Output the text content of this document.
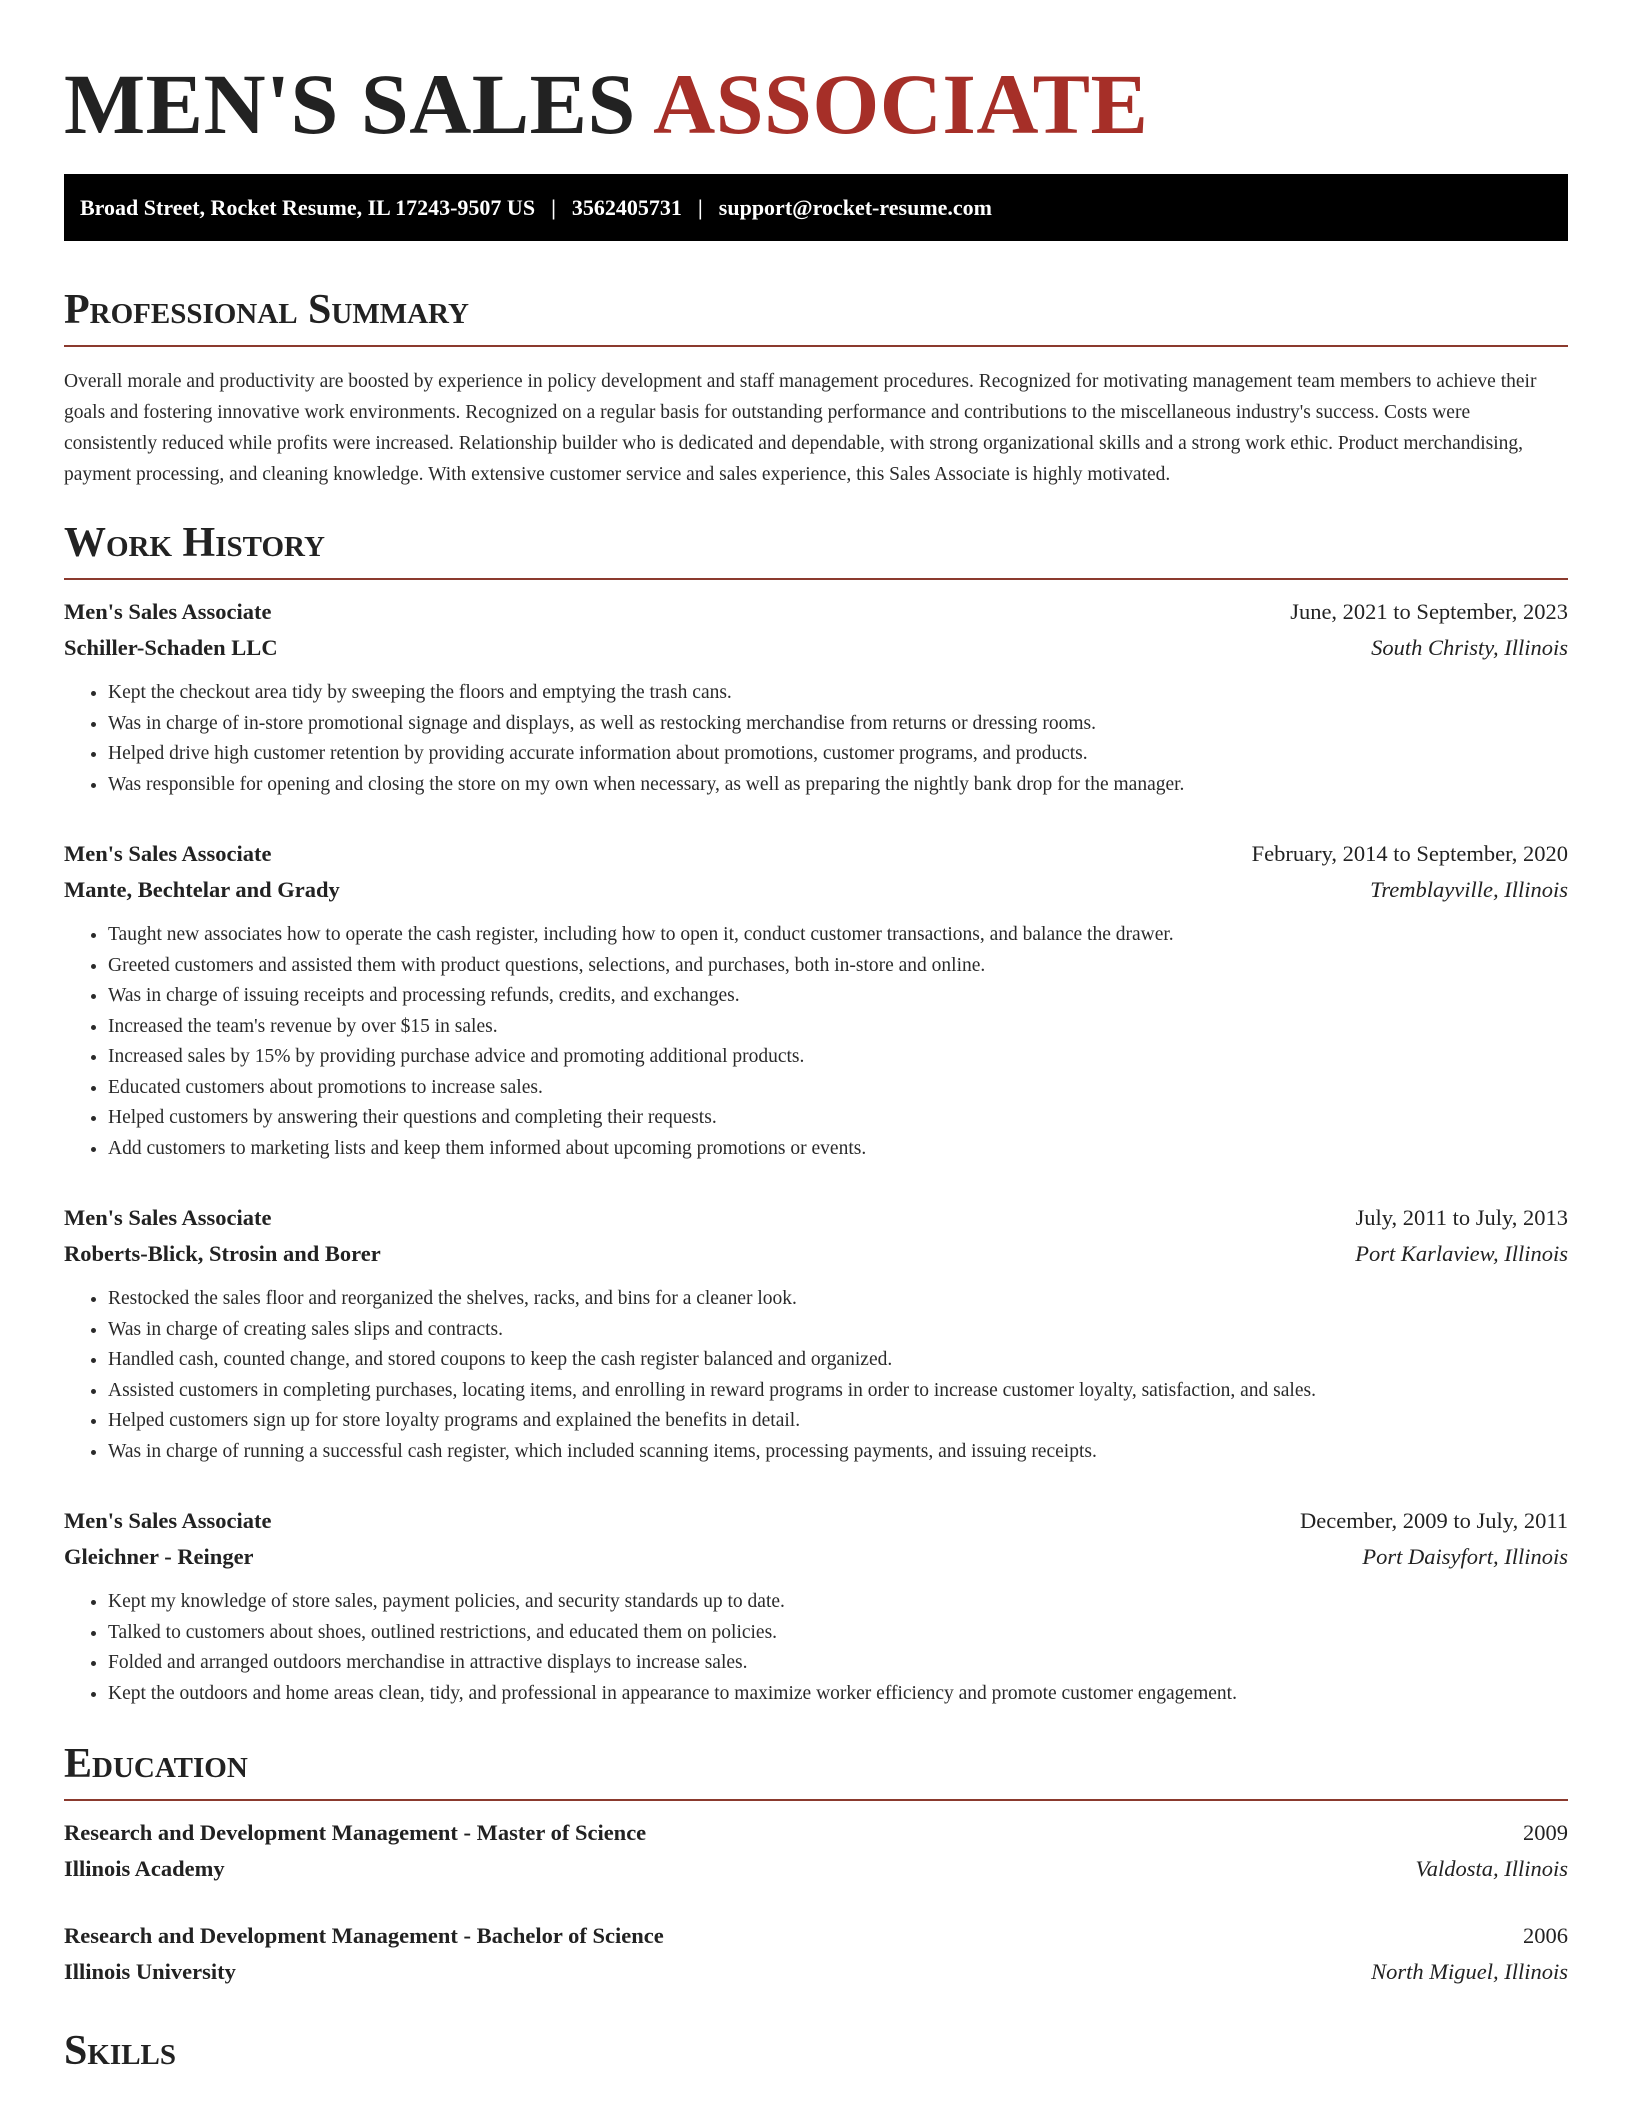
MEN'S SALES ASSOCIATE
Broad Street, Rocket Resume, IL 17243-9507 US | 3562405731 | support@rocket-resume.com
Professional Summary

Overall morale and productivity are boosted by experience in policy development and staff management procedures. Recognized for motivating management team members to achieve their goals and fostering innovative work environments. Recognized on a regular basis for outstanding performance and contributions to the miscellaneous industry's success. Costs were consistently reduced while profits were increased. Relationship builder who is dedicated and dependable, with strong organizational skills and a strong work ethic. Product merchandising, payment processing, and cleaning knowledge. With extensive customer service and sales experience, this Sales Associate is highly motivated.

Work History
Men's Sales Associate	June, 2021 to September, 2023
Schiller-Schaden LLC	South Christy, Illinois
• Kept the checkout area tidy by sweeping the floors and emptying the trash cans.
• Was in charge of in-store promotional signage and displays, as well as restocking merchandise from returns or dressing rooms.
• Helped drive high customer retention by providing accurate information about promotions, customer programs, and products.
• Was responsible for opening and closing the store on my own when necessary, as well as preparing the nightly bank drop for the manager.
Men's Sales Associate	February, 2014 to September, 2020
Mante, Bechtelar and Grady	Tremblayville, Illinois
• Taught new associates how to operate the cash register, including how to open it, conduct customer transactions, and balance the drawer.
• Greeted customers and assisted them with product questions, selections, and purchases, both in-store and online.
• Was in charge of issuing receipts and processing refunds, credits, and exchanges.
• Increased the team's revenue by over $15 in sales.
• Increased sales by 15% by providing purchase advice and promoting additional products.
• Educated customers about promotions to increase sales.
• Helped customers by answering their questions and completing their requests.
• Add customers to marketing lists and keep them informed about upcoming promotions or events.
Men's Sales Associate	July, 2011 to July, 2013
Roberts-Blick, Strosin and Borer	Port Karlaview, Illinois
• Restocked the sales floor and reorganized the shelves, racks, and bins for a cleaner look.
• Was in charge of creating sales slips and contracts.
• Handled cash, counted change, and stored coupons to keep the cash register balanced and organized.
• Assisted customers in completing purchases, locating items, and enrolling in reward programs in order to increase customer loyalty, satisfaction, and sales.
• Helped customers sign up for store loyalty programs and explained the benefits in detail.
• Was in charge of running a successful cash register, which included scanning items, processing payments, and issuing receipts.
Men's Sales Associate	December, 2009 to July, 2011
Gleichner - Reinger	Port Daisyfort, Illinois
• Kept my knowledge of store sales, payment policies, and security standards up to date.
• Talked to customers about shoes, outlined restrictions, and educated them on policies.
• Folded and arranged outdoors merchandise in attractive displays to increase sales.
• Kept the outdoors and home areas clean, tidy, and professional in appearance to maximize worker efficiency and promote customer engagement.
Education
Research and Development Management - Master of Science	2009
Illinois Academy	Valdosta, Illinois
Research and Development Management - Bachelor of Science	2006
Illinois University	North Miguel, Illinois
Skills
